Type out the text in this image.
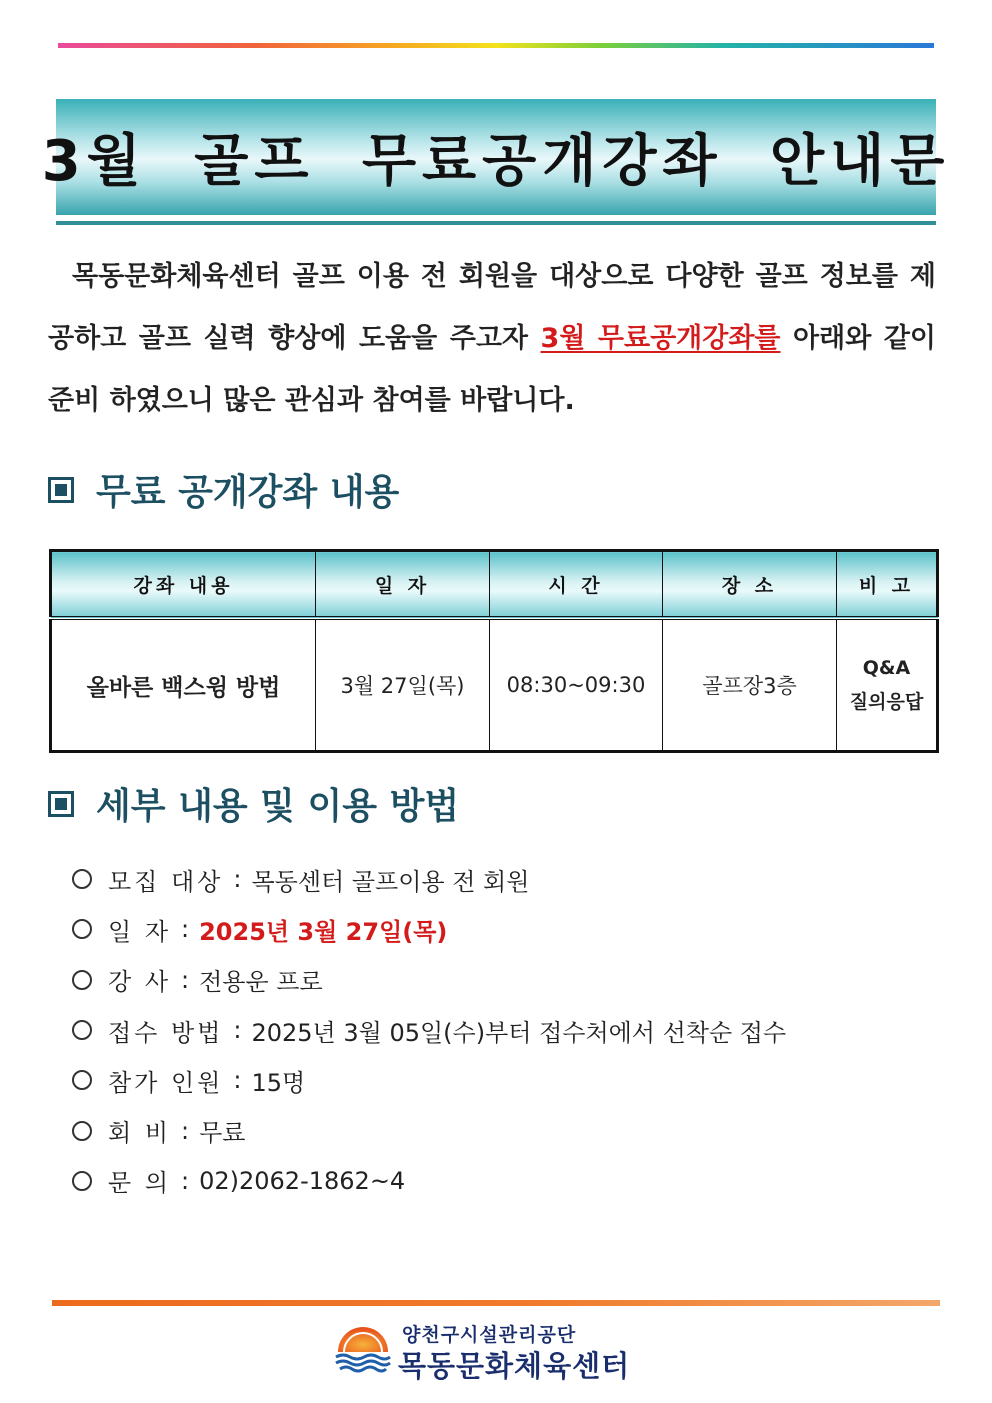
3월 골프 무료공개강좌 안내문

목동문화체육센터 골프 이용 전 회원을 대상으로 다양한 골프 정보를 제공하고 골프 실력 향상에 도움을 주고자 3월 무료공개강좌를 아래와 같이 준비 하였으니 많은 관심과 참여를 바랍니다.

무료 공개강좌 내용
강좌 내용	일 자	시 간	장 소	비 고
올바른 백스윙 방법	3월 27일(목)	08:30~09:30	골프장3층	Q&A
질의응답
세부 내용 및 이용 방법
모집 대상 : 목동센터 골프이용 전 회원
일 자 : 2025년 3월 27일(목)
강 사 : 전용운 프로
접수 방법 : 2025년 3월 05일(수)부터 접수처에서 선착순 접수
참가 인원 : 15명
회 비 : 무료
문 의 : 02)2062-1862~4
양천구시설관리공단
목동문화체육센터
